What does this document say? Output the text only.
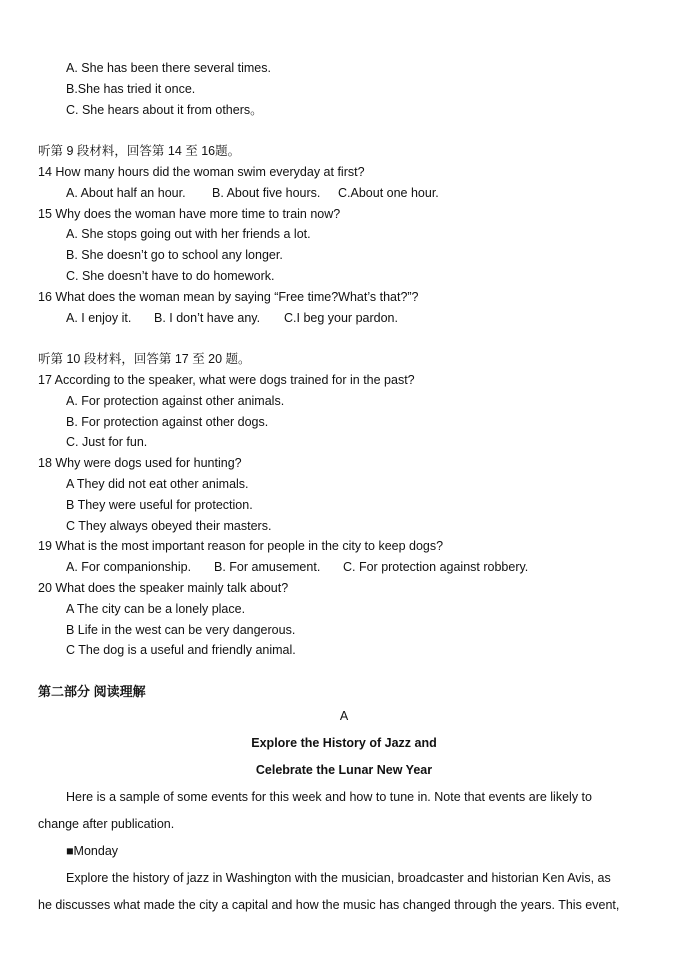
A. She has been there several times.
B.She has tried it once.
C. She hears about it from others。
听第 9 段材料，回答第 14 至 16题。
14 How many hours did the woman swim everyday at first?
A. About half an hour. B. About five hours. C.About one hour.
15 Why does the woman have more time to train now?
A. She stops going out with her friends a lot.
B. She doesn’t go to school any longer.
C. She doesn’t have to do homework.
16 What does the woman mean by saying “Free time?What’s that?”?
A. I enjoy it. B. I don’t have any. C.I beg your pardon.
听第 10 段材料，回答第 17 至 20 题。
17 According to the speaker, what were dogs trained for in the past?
A. For protection against other animals.
B. For protection against other dogs.
C. Just for fun.
18 Why were dogs used for hunting?
A They did not eat other animals.
B They were useful for protection.
C They always obeyed their masters.
19 What is the most important reason for people in the city to keep dogs?
A. For companionship. B. For amusement. C. For protection against robbery.
20 What does the speaker mainly talk about?
A The city can be a lonely place.
B Life in the west can be very dangerous.
C The dog is a useful and friendly animal.
第二部分 阅读理解
A
Explore the History of Jazz and
Celebrate the Lunar New Year
Here is a sample of some events for this week and how to tune in. Note that events are likely to
change after publication.
■Monday
Explore the history of jazz in Washington with the musician, broadcaster and historian Ken Avis, as
he discusses what made the city a capital and how the music has changed through the years. This event,
